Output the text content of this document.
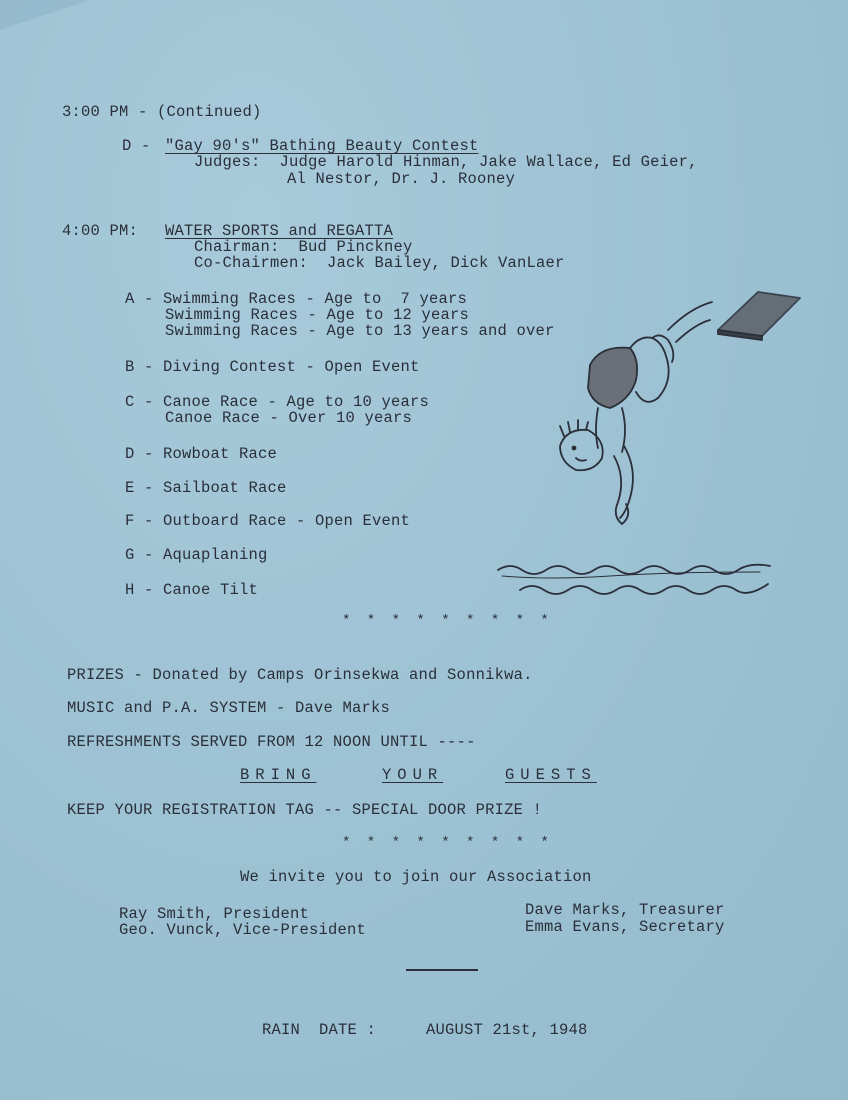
3:00 PM - (Continued)
D - "Gay 90's" Bathing Beauty Contest
Judges:  Judge Harold Hinman, Jake Wallace, Ed Geier,
Al Nestor, Dr. J. Rooney
4:00 PM: WATER SPORTS and REGATTA
Chairman:  Bud Pinckney
Co-Chairmen:  Jack Bailey, Dick VanLaer
A - Swimming Races - Age to  7 years
Swimming Races - Age to 12 years
Swimming Races - Age to 13 years and over
B - Diving Contest - Open Event
C - Canoe Race - Age to 10 years
Canoe Race - Over 10 years
D - Rowboat Race
E - Sailboat Race
F - Outboard Race - Open Event
G - Aquaplaning
H - Canoe Tilt
* * * * * * * * *
PRIZES - Donated by Camps Orinsekwa and Sonnikwa.
MUSIC and P.A. SYSTEM - Dave Marks
REFRESHMENTS SERVED FROM 12 NOON UNTIL ----
BRING	YOUR	GUESTS
KEEP YOUR REGISTRATION TAG -- SPECIAL DOOR PRIZE !
* * * * * * * * *
We invite you to join our Association
Ray Smith, President
Geo. Vunck, Vice-President
Dave Marks, Treasurer
Emma Evans, Secretary
RAIN  DATE :	AUGUST 21st, 1948
